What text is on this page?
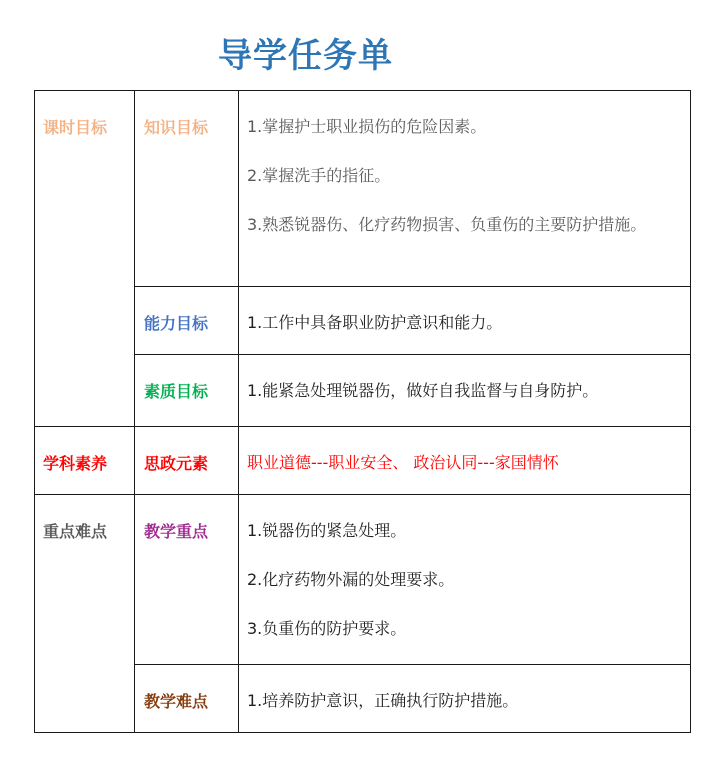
导学任务单
课时目标	知识目标	1.掌握护士职业损伤的危险因素。

2.掌握洗手的指征。

3.熟悉锐器伤、化疗药物损害、负重伤的主要防护措施。

	能力目标	1.工作中具备职业防护意识和能力。

	素质目标	1.能紧急处理锐器伤，做好自我监督与自身防护。

学科素养	思政元素	职业道德---职业安全、 政治认同---家国情怀

重点难点	教学重点	1.锐器伤的紧急处理。

2.化疗药物外漏的处理要求。

3.负重伤的防护要求。

	教学难点	1.培养防护意识，正确执行防护措施。
